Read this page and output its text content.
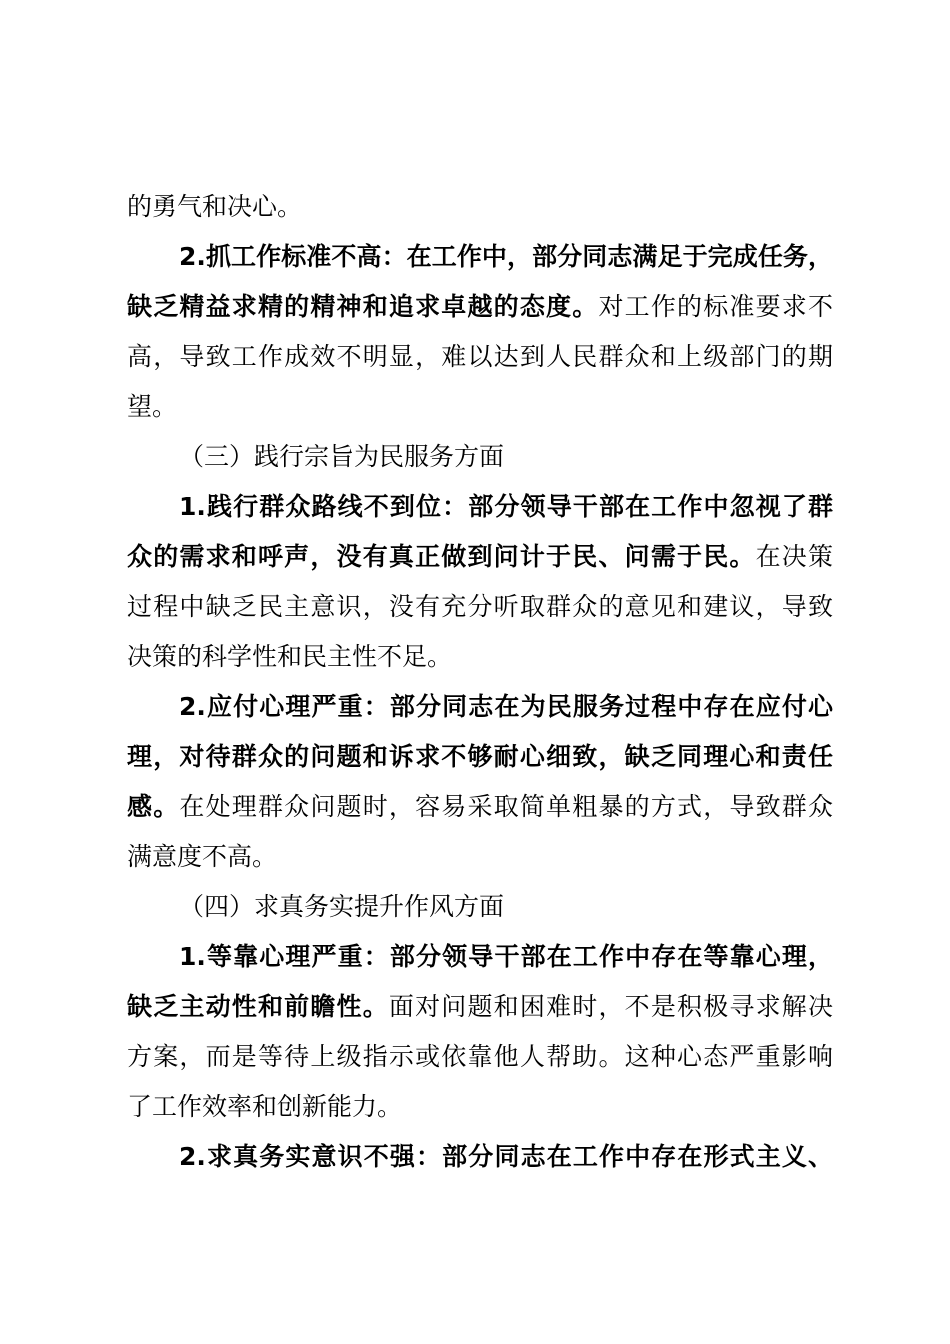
的勇气和决心。
2.抓工作标准不高：在工作中，部分同志满足于完成任务，
缺乏精益求精的精神和追求卓越的态度。对工作的标准要求不
高，导致工作成效不明显，难以达到人民群众和上级部门的期
望。
（三）践行宗旨为民服务方面
1.践行群众路线不到位：部分领导干部在工作中忽视了群
众的需求和呼声，没有真正做到问计于民、问需于民。在决策
过程中缺乏民主意识，没有充分听取群众的意见和建议，导致
决策的科学性和民主性不足。
2.应付心理严重：部分同志在为民服务过程中存在应付心
理，对待群众的问题和诉求不够耐心细致，缺乏同理心和责任
感。在处理群众问题时，容易采取简单粗暴的方式，导致群众
满意度不高。
（四）求真务实提升作风方面
1.等靠心理严重：部分领导干部在工作中存在等靠心理，
缺乏主动性和前瞻性。面对问题和困难时，不是积极寻求解决
方案，而是等待上级指示或依靠他人帮助。这种心态严重影响
了工作效率和创新能力。
2.求真务实意识不强：部分同志在工作中存在形式主义、
